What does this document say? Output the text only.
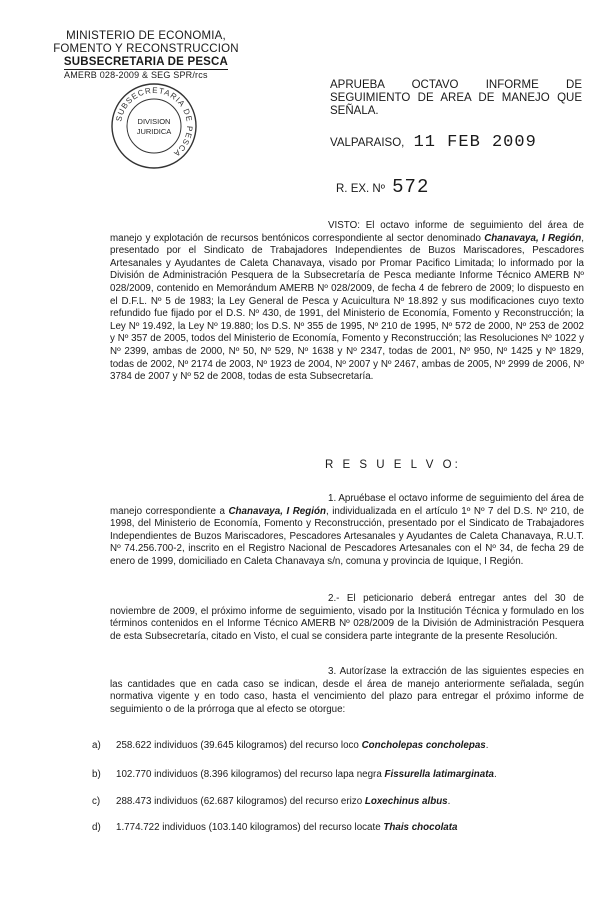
MINISTERIO DE ECONOMIA,
FOMENTO Y RECONSTRUCCION
SUBSECRETARIA DE PESCA
AMERB 028-2009 & SEG SPR/rcs
SUBSECRETARIA DE PESCA
DIVISION
JURIDICA
APRUEBA OCTAVO INFORME DE SEGUIMIENTO DE AREA DE MANEJO QUE SEÑALA.
VALPARAISO, 11 FEB 2009
R. EX. Nº 572

VISTO: El octavo informe de seguimiento del área de manejo y explotación de recursos bentónicos correspondiente al sector denominado Chanavaya, I Región, presentado por el Sindicato de Trabajadores Independientes de Buzos Mariscadores, Pescadores Artesanales y Ayudantes de Caleta Chanavaya, visado por Promar Pacifico Limitada; lo informado por la División de Administración Pesquera de la Subsecretaría de Pesca mediante Informe Técnico AMERB Nº 028/2009, contenido en Memorándum AMERB Nº 028/2009, de fecha 4 de febrero de 2009; lo dispuesto en el D.F.L. Nº 5 de 1983; la Ley General de Pesca y Acuicultura Nº 18.892 y sus modificaciones cuyo texto refundido fue fijado por el D.S. Nº 430, de 1991, del Ministerio de Economía, Fomento y Reconstrucción; la Ley Nº 19.492, la Ley Nº 19.880; los D.S. Nº 355 de 1995, Nº 210 de 1995, Nº 572 de 2000, Nº 253 de 2002 y Nº 357 de 2005, todos del Ministerio de Economía, Fomento y Reconstrucción; las Resoluciones Nº 1022 y Nº 2399, ambas de 2000, Nº 50, Nº 529, Nº 1638 y Nº 2347, todas de 2001, Nº 950, Nº 1425 y Nº 1829, todas de 2002, Nº 2174 de 2003, Nº 1923 de 2004, Nº 2007 y Nº 2467, ambas de 2005, Nº 2999 de 2006, Nº 3784 de 2007 y Nº 52 de 2008, todas de esta Subsecretaría.

R E S U E L V O:

1. Apruébase el octavo informe de seguimiento del área de manejo correspondiente a Chanavaya, I Región, individualizada en el artículo 1º Nº 7 del D.S. Nº 210, de 1998, del Ministerio de Economía, Fomento y Reconstrucción, presentado por el Sindicato de Trabajadores Independientes de Buzos Mariscadores, Pescadores Artesanales y Ayudantes de Caleta Chanavaya, R.U.T. Nº 74.256.700-2, inscrito en el Registro Nacional de Pescadores Artesanales con el Nº 34, de fecha 29 de enero de 1999, domiciliado en Caleta Chanavaya s/n, comuna y provincia de Iquique, I Región.

2.- El peticionario deberá entregar antes del 30 de noviembre de 2009, el próximo informe de seguimiento, visado por la Institución Técnica y formulado en los términos contenidos en el Informe Técnico AMERB Nº 028/2009 de la División de Administración Pesquera de esta Subsecretaría, citado en Visto, el cual se considera parte integrante de la presente Resolución.

3. Autorízase la extracción de las siguientes especies en las cantidades que en cada caso se indican, desde el área de manejo anteriormente señalada, según normativa vigente y en todo caso, hasta el vencimiento del plazo para entregar el próximo informe de seguimiento o de la prórroga que al efecto se otorgue:

a) 258.622 individuos (39.645 kilogramos) del recurso loco Concholepas concholepas.
b) 102.770 individuos (8.396 kilogramos) del recurso lapa negra Fissurella latimarginata.
c) 288.473 individuos (62.687 kilogramos) del recurso erizo Loxechinus albus.
d) 1.774.722 individuos (103.140 kilogramos) del recurso locate Thais chocolata
